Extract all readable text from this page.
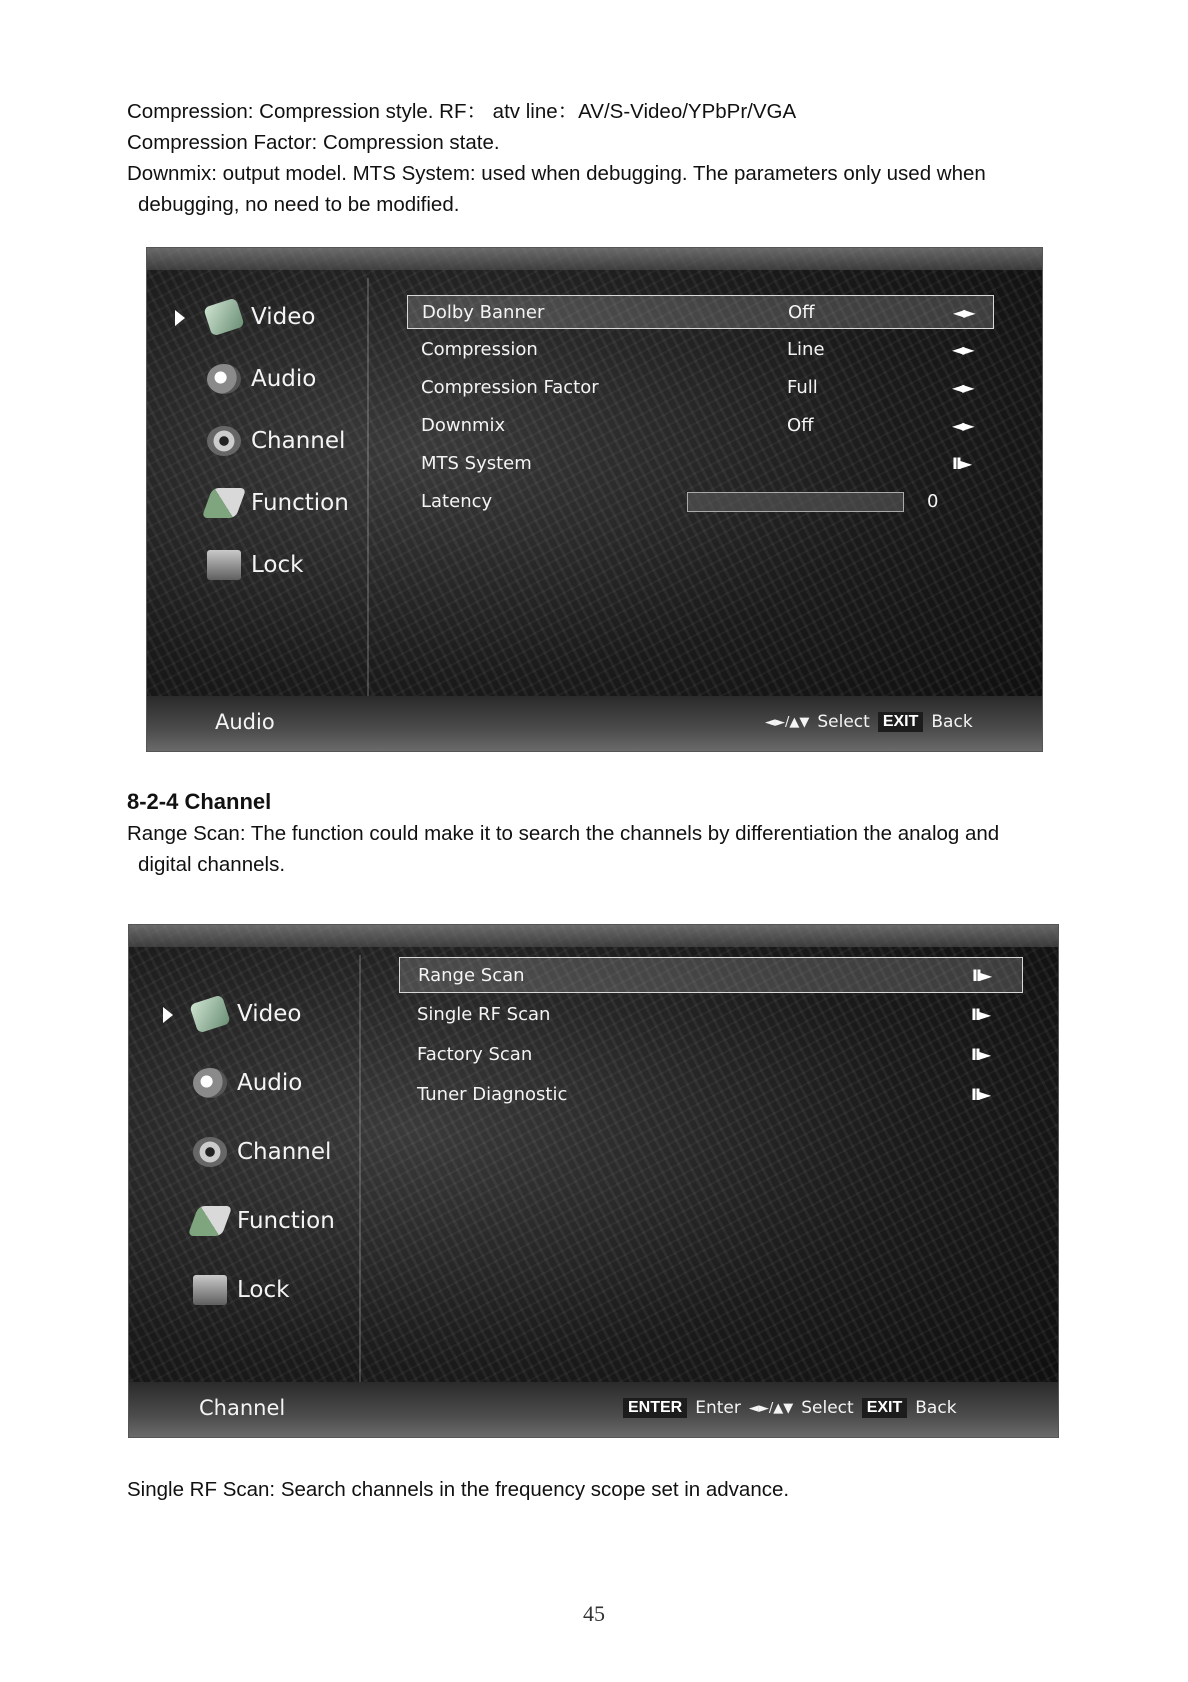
Compression: Compression style. RF： atv line：AV/S-Video/YPbPr/VGA
Compression Factor: Compression state.
Downmix: output model. MTS System: used when debugging. The parameters only used when
debugging, no need to be modified.
Video
Audio
Channel
Function
Lock
Dolby Banner	Off	◄►
Compression	Line	◄►
Compression Factor	Full	◄►
Downmix	Off	◄►
MTS System	II►
Latency	0
Audio	◄►/▲▼ Select EXIT Back
8-2-4 Channel
Range Scan: The function could make it to search the channels by differentiation the analog and
digital channels.
Video
Audio
Channel
Function
Lock
Range Scan	II►
Single RF Scan	II►
Factory Scan	II►
Tuner Diagnostic	II►
Channel	ENTER Enter ◄►/▲▼ Select EXIT Back
Single RF Scan: Search channels in the frequency scope set in advance.
45
